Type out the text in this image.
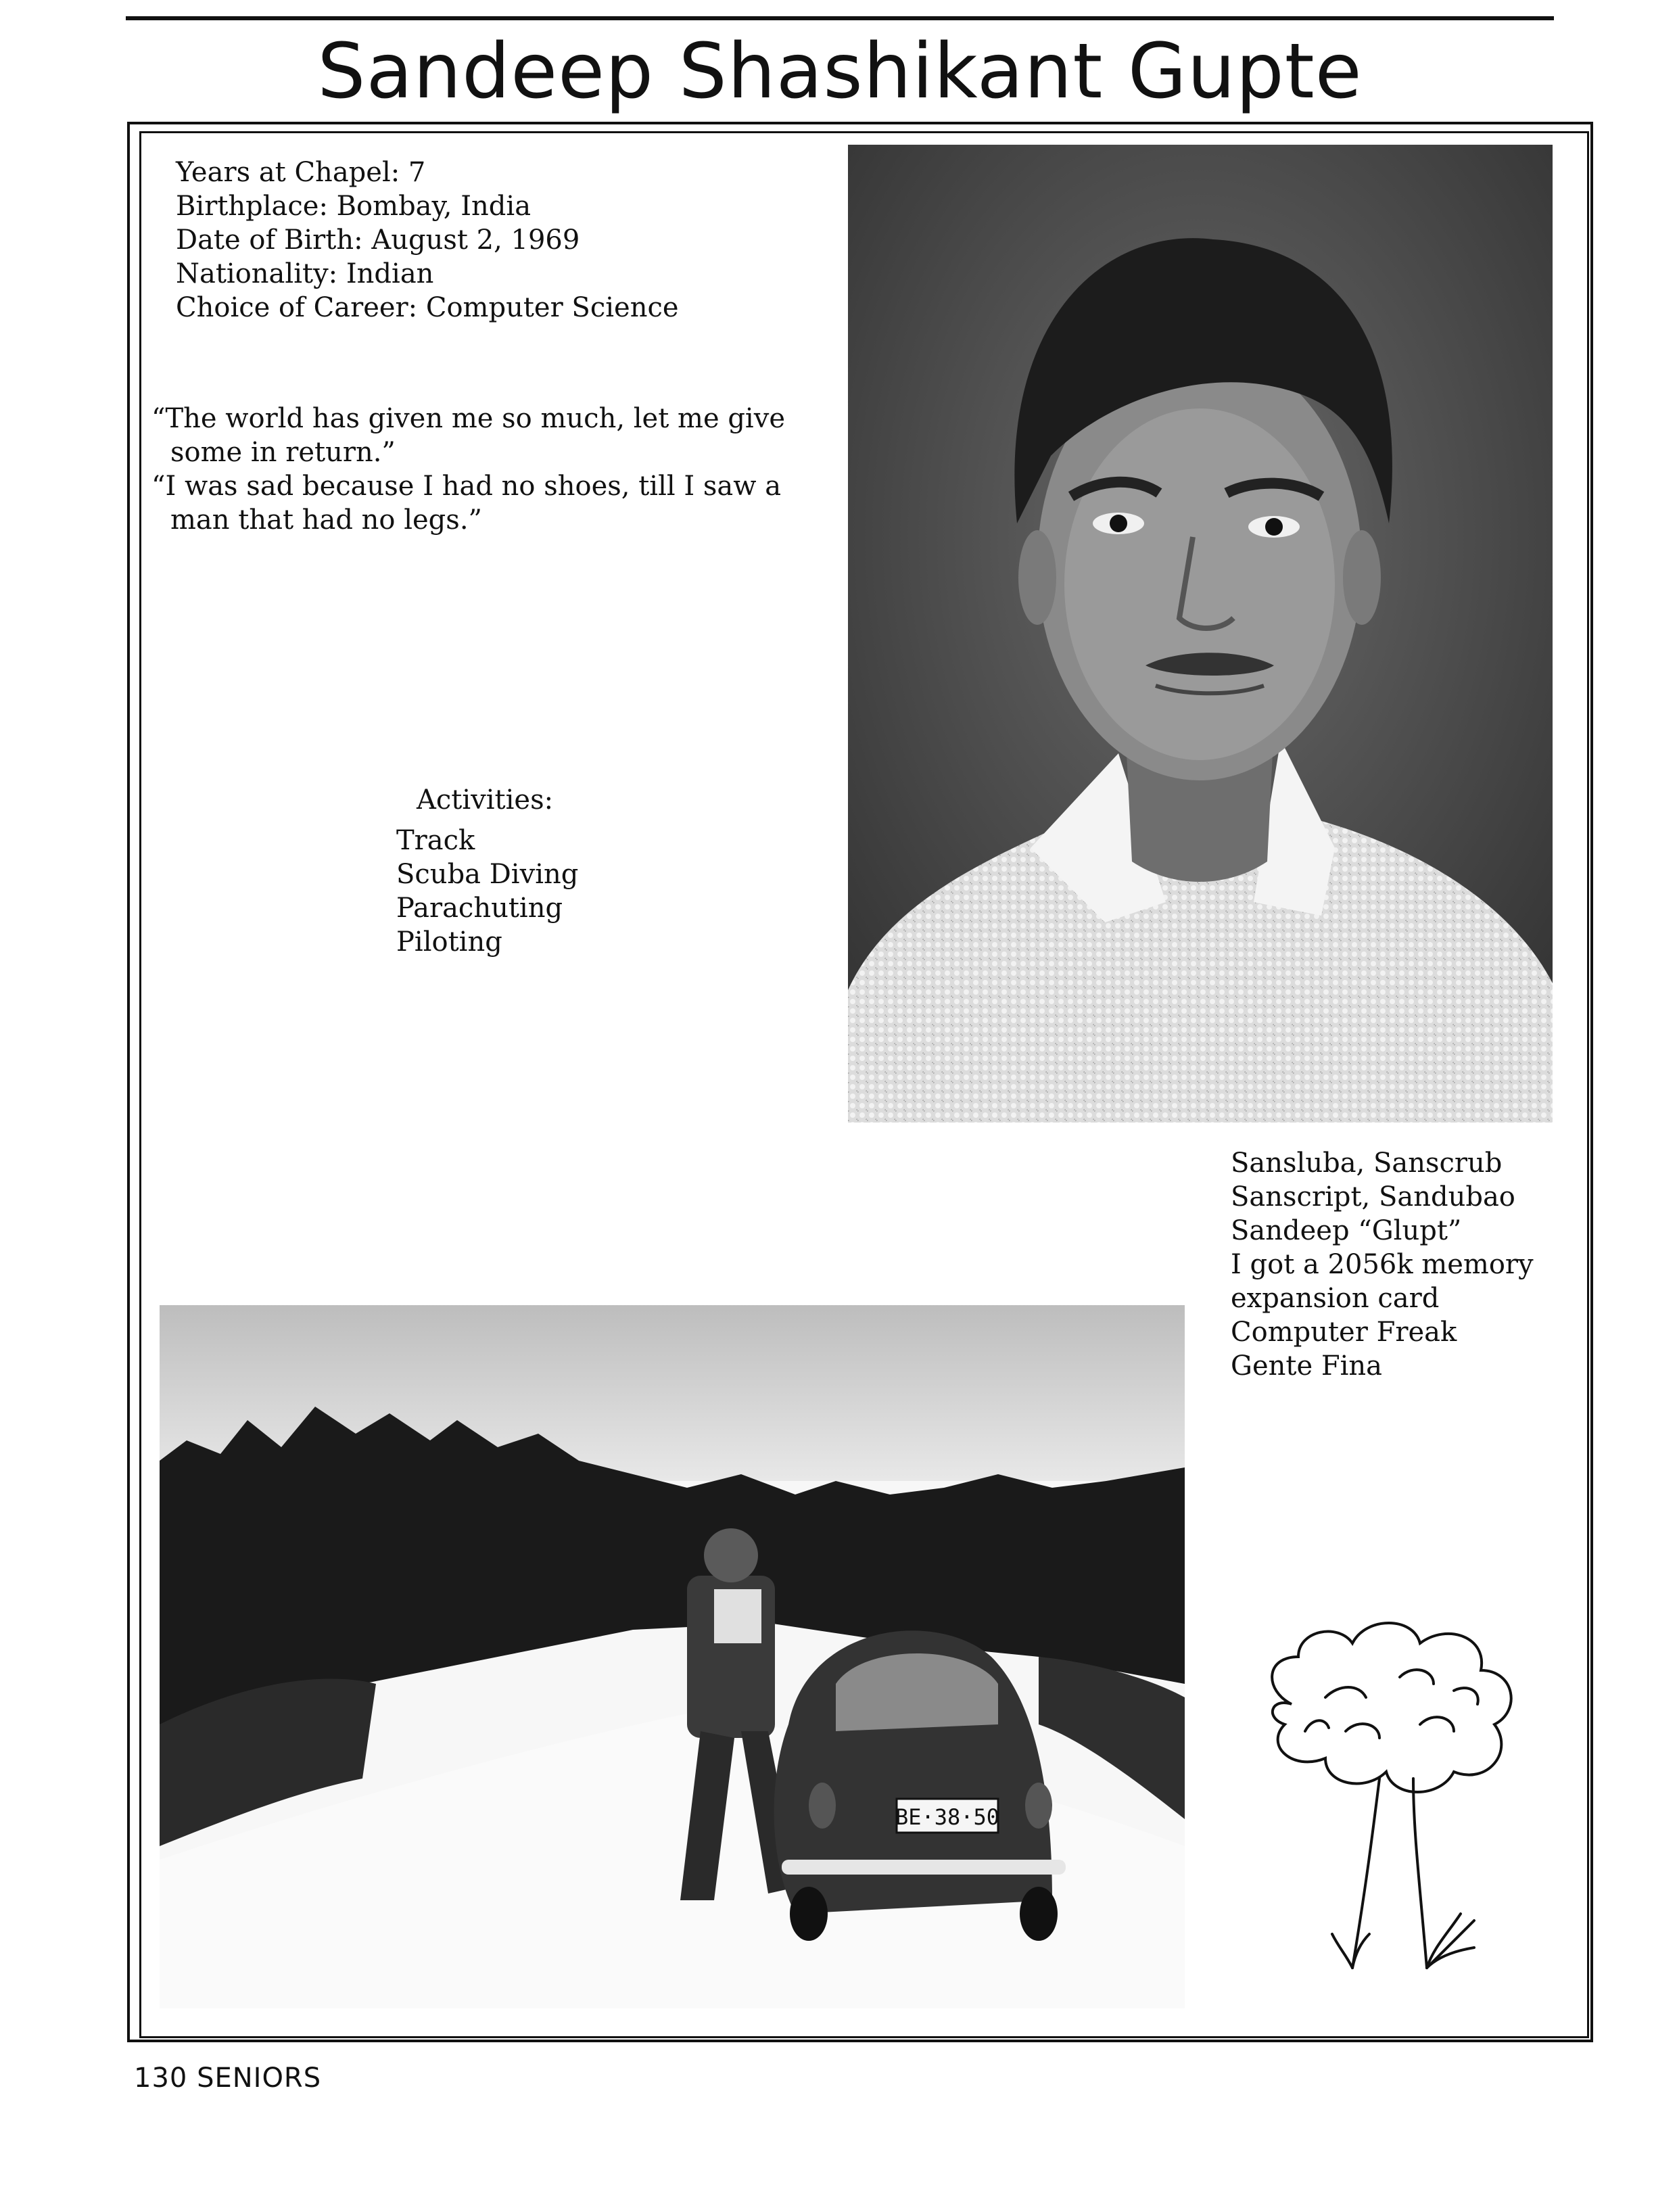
Sandeep Shashikant Gupte
Years at Chapel: 7
Birthplace: Bombay, India
Date of Birth: August 2, 1969
Nationality: Indian
Choice of Career: Computer Science
“The world has given me so much, let me give some in return.”
“I was sad because I had no shoes, till I saw a man that had no legs.”
Activities:
Track
Scuba Diving
Parachuting
Piloting
BE·38·50
Sansluba, Sanscrub
Sanscript, Sandubao
Sandeep “Glupt”
I got a 2056k memory
expansion card
Computer Freak
Gente Fina
130 SENIORS
